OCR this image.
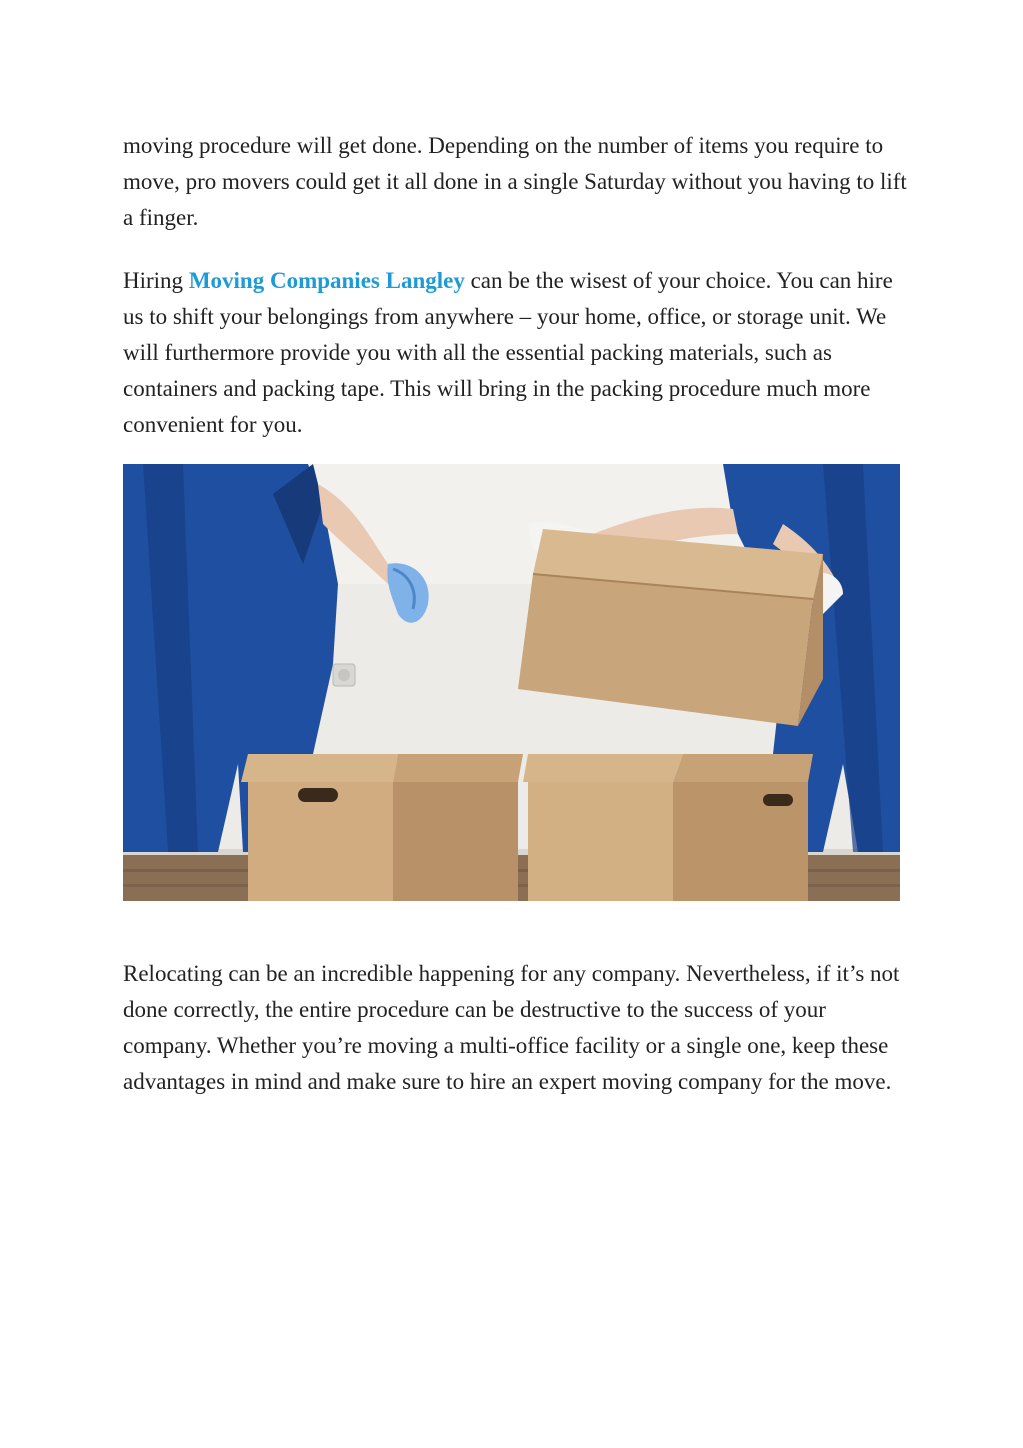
moving procedure will get done. Depending on the number of items you require to move, pro movers could get it all done in a single Saturday without you having to lift a finger.

Hiring Moving Companies Langley can be the wisest of your choice. You can hire us to shift your belongings from anywhere – your home, office, or storage unit. We will furthermore provide you with all the essential packing materials, such as containers and packing tape. This will bring in the packing procedure much more convenient for you.

Relocating can be an incredible happening for any company. Nevertheless, if it’s not done correctly, the entire procedure can be destructive to the success of your company. Whether you’re moving a multi-office facility or a single one, keep these advantages in mind and make sure to hire an expert moving company for the move.
